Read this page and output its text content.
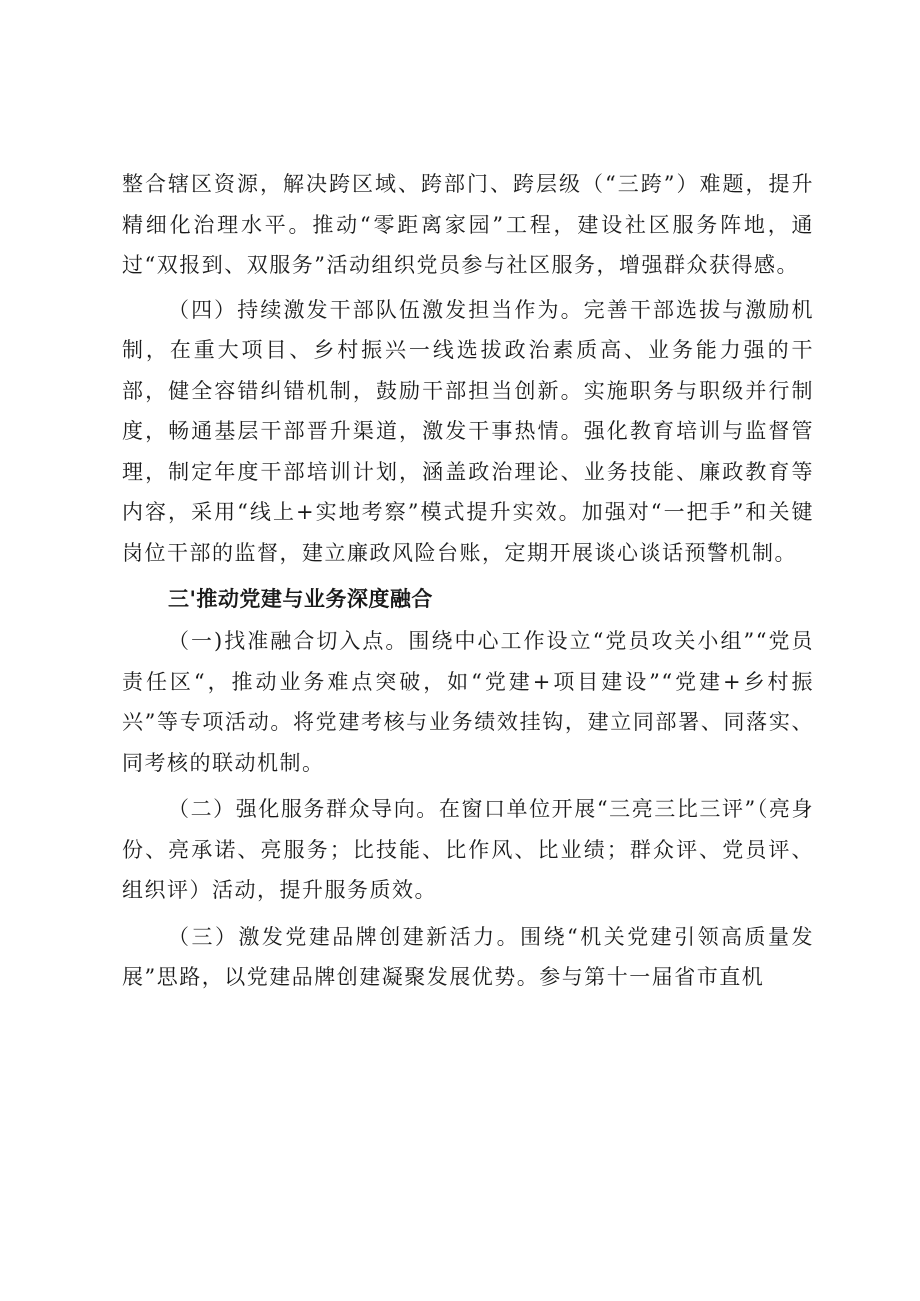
整合辖区资源，解决跨区域、跨部门、跨层级（“三跨”）难题，提升精细化治理水平。推动“零距离家园”工程，建设社区服务阵地，通过“双报到、双服务”活动组织党员参与社区服务，增强群众获得感。

（四）持续激发干部队伍激发担当作为。完善干部选拔与激励机制，在重大项目、乡村振兴一线选拔政治素质高、业务能力强的干部，健全容错纠错机制，鼓励干部担当创新。实施职务与职级并行制度，畅通基层干部晋升渠道，激发干事热情。强化教育培训与监督管理，制定年度干部培训计划，涵盖政治理论、业务技能、廉政教育等内容，采用“线上+实地考察”模式提升实效。加强对“一把手”和关键岗位干部的监督，建立廉政风险台账，定期开展谈心谈话预警机制。

三'推动党建与业务深度融合

（一)找准融合切入点。围绕中心工作设立“党员攻关小组”“党员责任区“，推动业务难点突破，如“党建+项目建设”“党建+乡村振兴”等专项活动。将党建考核与业务绩效挂钩，建立同部署、同落实、同考核的联动机制。

（二）强化服务群众导向。在窗口单位开展“三亮三比三评”（亮身份、亮承诺、亮服务；比技能、比作风、比业绩；群众评、党员评、组织评）活动，提升服务质效。

（三）激发党建品牌创建新活力。围绕“机关党建引领高质量发展”思路，以党建品牌创建凝聚发展优势。参与第十一届省市直机
